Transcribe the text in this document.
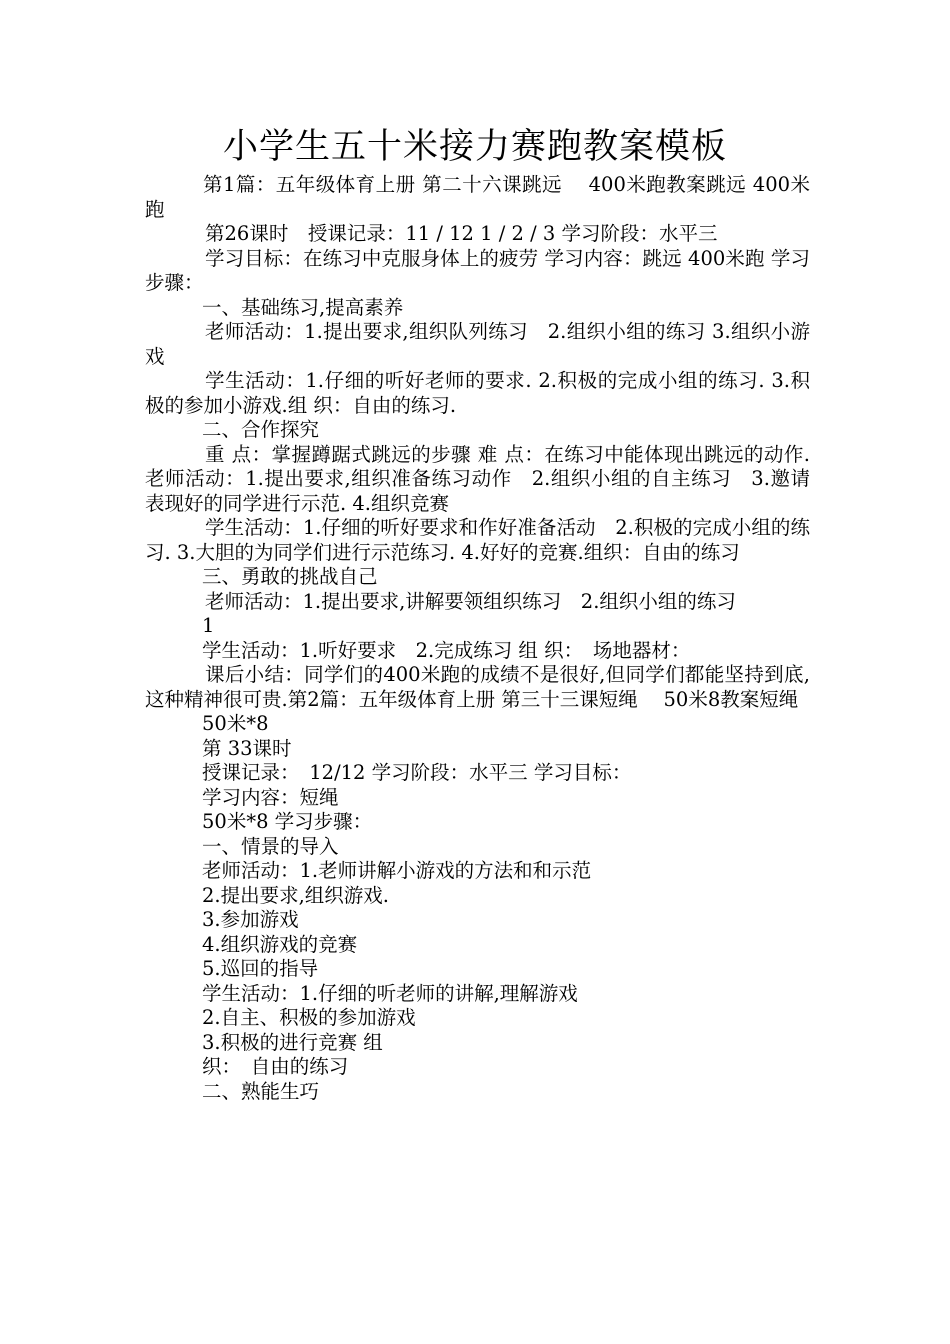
小学生五十米接力赛跑教案模板

第1篇：五年级体育上册 第二十六课跳远　 400米跑教案跳远 400米跑

第26课时　授课记录：11 / 12 1 / 2 / 3 学习阶段：水平三

学习目标：在练习中克服身体上的疲劳 学习内容：跳远 400米跑 学习步骤：

一、基础练习,提高素养

老师活动：1.提出要求,组织队列练习　2.组织小组的练习 3.组织小游戏

学生活动：1.仔细的听好老师的要求. 2.积极的完成小组的练习. 3.积极的参加小游戏.组 织：自由的练习.

二、合作探究

重 点：掌握蹲踞式跳远的步骤 难 点：在练习中能体现出跳远的动作.老师活动：1.提出要求,组织准备练习动作　2.组织小组的自主练习　3.邀请表现好的同学进行示范. 4.组织竞赛

学生活动：1.仔细的听好要求和作好准备活动　2.积极的完成小组的练习. 3.大胆的为同学们进行示范练习. 4.好好的竞赛.组织：自由的练习

三、勇敢的挑战自己

老师活动：1.提出要求,讲解要领组织练习　2.组织小组的练习

1

学生活动：1.听好要求　2.完成练习 组 织：　场地器材：

课后小结：同学们的400米跑的成绩不是很好,但同学们都能坚持到底,这种精神很可贵.第2篇：五年级体育上册 第三十三课短绳　 50米8教案短绳

50米*8

第 33课时

授课记录：　12/12 学习阶段：水平三 学习目标：

学习内容：短绳

50米*8 学习步骤：

一、情景的导入

老师活动：1.老师讲解小游戏的方法和和示范

2.提出要求,组织游戏.

3.参加游戏

4.组织游戏的竞赛

5.巡回的指导

学生活动：1.仔细的听老师的讲解,理解游戏

2.自主、积极的参加游戏

3.积极的进行竞赛 组

织：　自由的练习

二、熟能生巧
